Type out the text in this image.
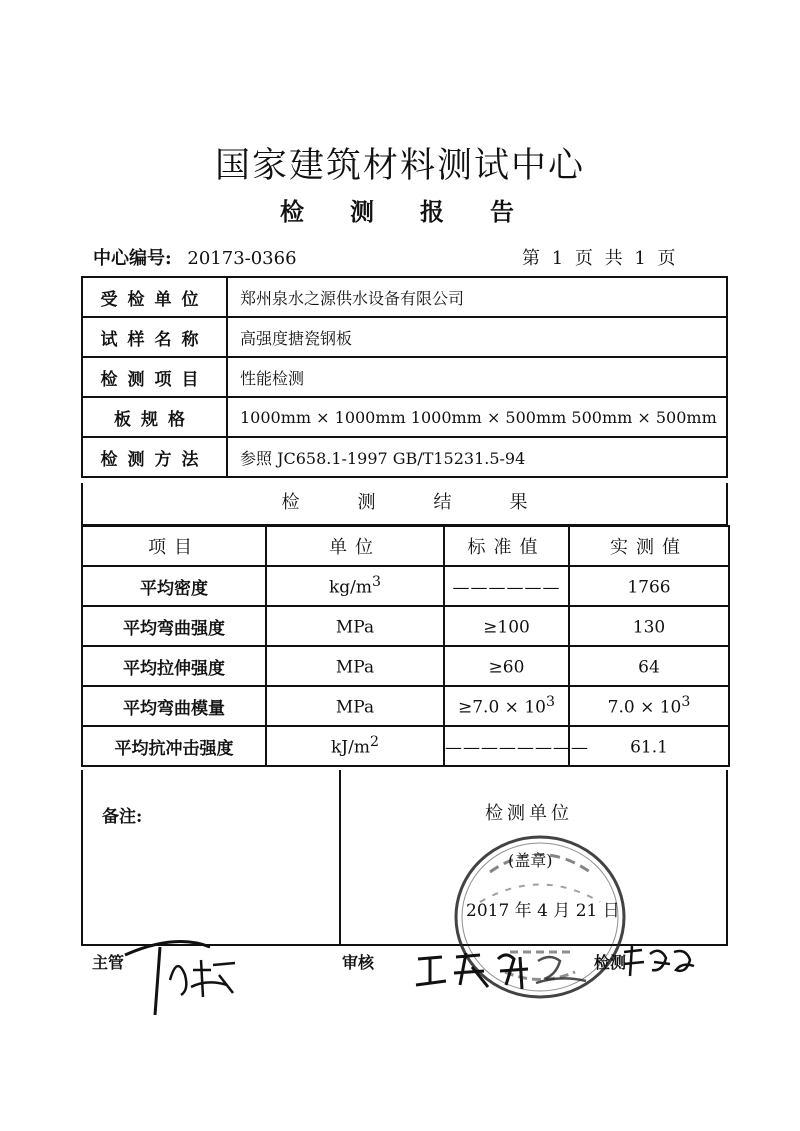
国家建筑材料测试中心
检测报告
中心编号: 20173-0366	第 1 页 共 1 页
受检单位	郑州泉水之源供水设备有限公司
试样名称	高强度搪瓷钢板
检测项目	性能检测
板规格	1000mm × 1000mm 1000mm × 500mm 500mm × 500mm
检测方法	参照 JC658.1-1997 GB/T15231.5-94
检测结果
项目	单位	标准值	实测值
平均密度	$kg/m^3$	——————	1766
平均弯曲强度	MPa	≥100	130
平均拉伸强度	MPa	≥60	64
平均弯曲模量	MPa	$\ge 7.0 \times 10^3$	$7.0 \times 10^3$
平均抗冲击强度	$kJ/m^2$	————————	61.1
备注:	检测单位
(盖章)
2017 年 4 月 21 日
主管	审核	检测
